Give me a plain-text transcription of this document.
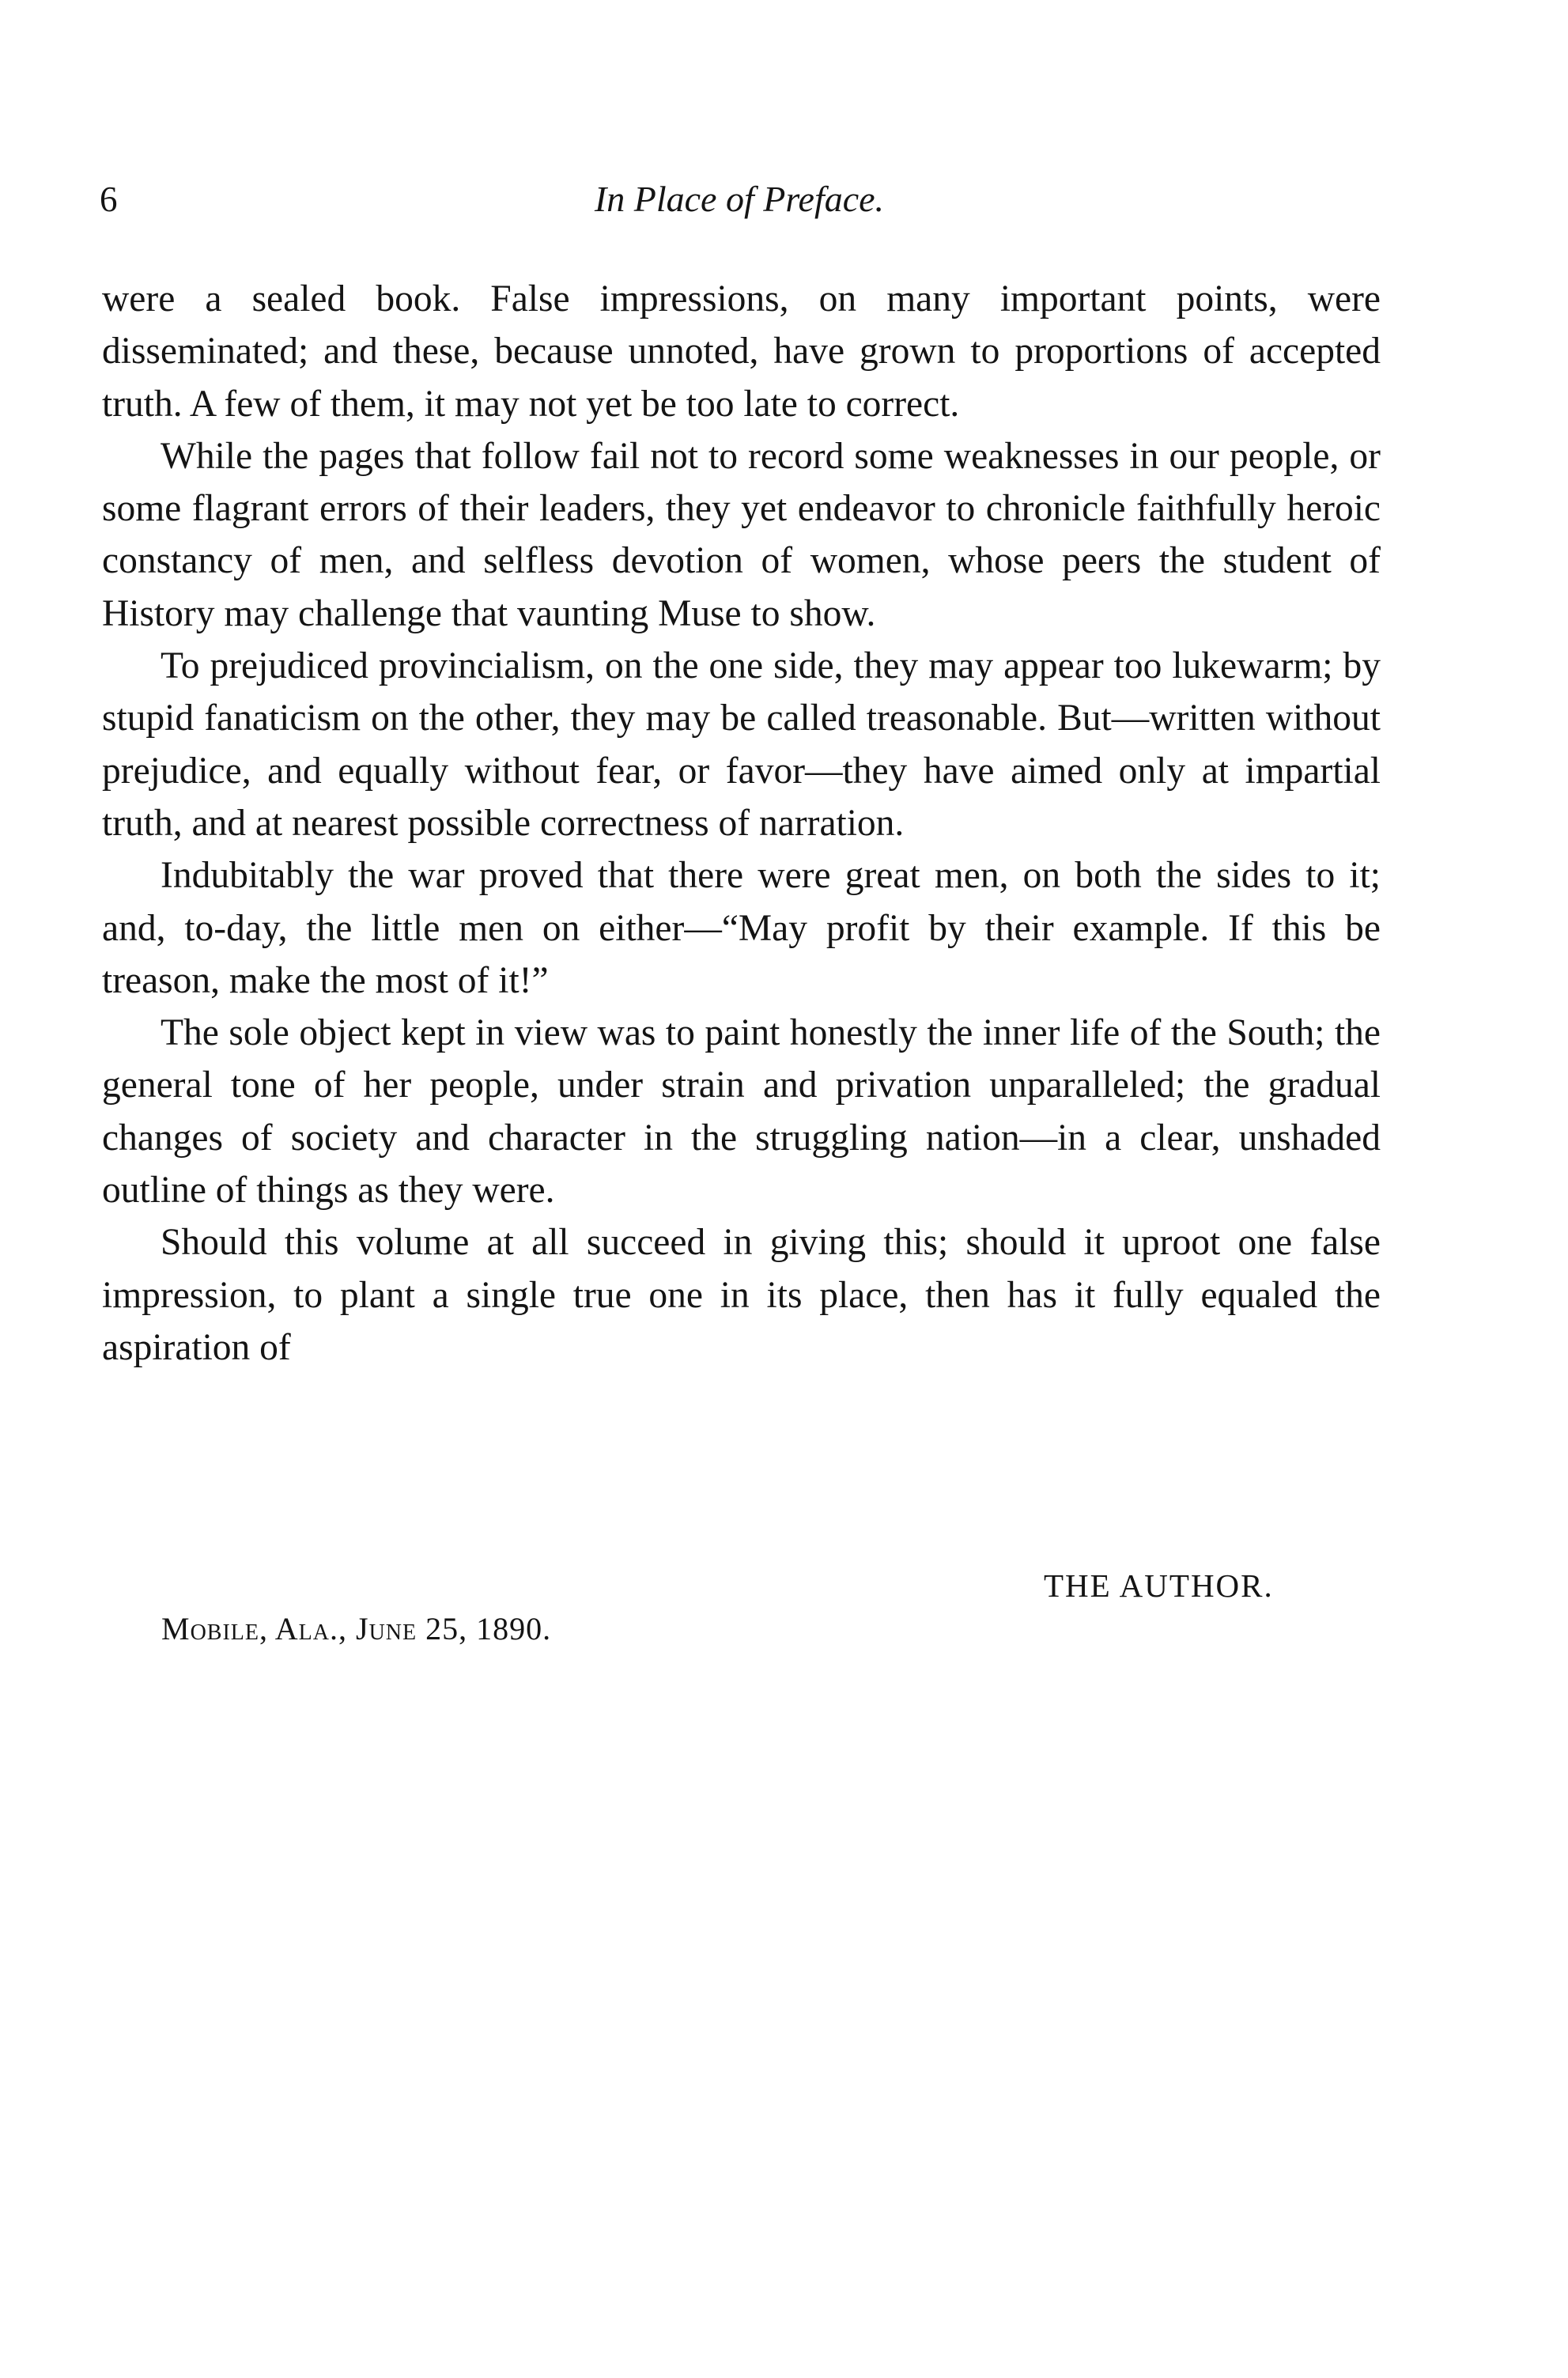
6	In Place of Preface.

were a sealed book. False impressions, on many important points, were disseminated; and these, because unnoted, have grown to proportions of accepted truth. A few of them, it may not yet be too late to correct.

While the pages that follow fail not to record some weaknesses in our people, or some flagrant errors of their leaders, they yet endeavor to chronicle faithfully heroic constancy of men, and selfless devotion of women, whose peers the student of History may challenge that vaunting Muse to show.

To prejudiced provincialism, on the one side, they may appear too lukewarm; by stupid fanaticism on the other, they may be called treasonable. But—written without prejudice, and equally without fear, or favor—they have aimed only at impartial truth, and at nearest possible correctness of narration.

Indubitably the war proved that there were great men, on both the sides to it; and, to-day, the little men on either—“May profit by their example. If this be treason, make the most of it!”

The sole object kept in view was to paint honestly the inner life of the South; the general tone of her people, under strain and privation unparalleled; the gradual changes of society and character in the struggling nation—in a clear, unshaded outline of things as they were.

Should this volume at all succeed in giving this; should it uproot one false impression, to plant a single true one in its place, then has it fully equaled the aspiration of

THE AUTHOR.
Mobile, Ala., June 25, 1890.
